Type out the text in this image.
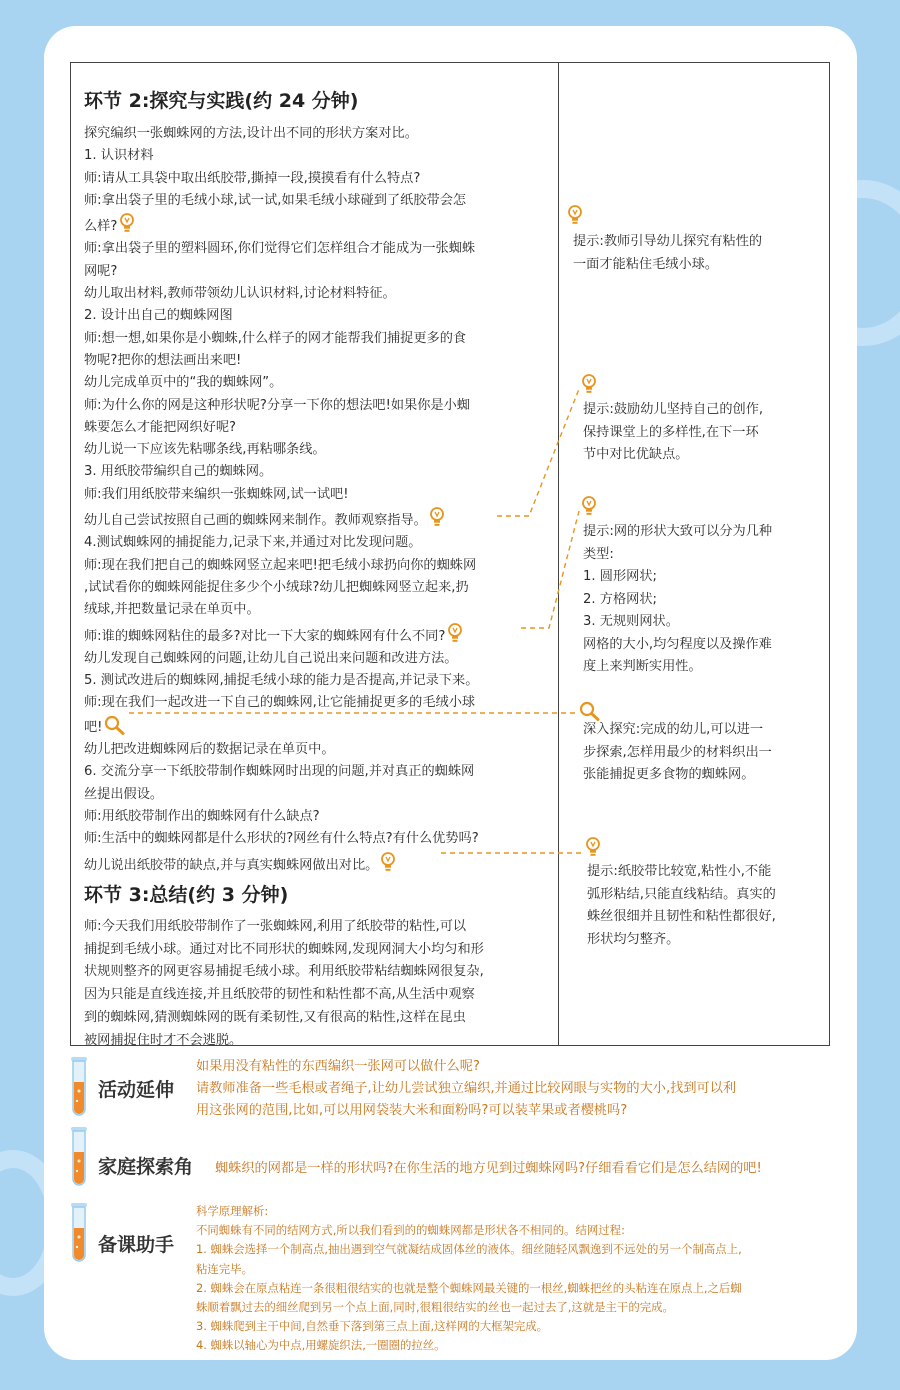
环节 2:探究与实践(约 24 分钟)
探究编织一张蜘蛛网的方法,设计出不同的形状方案对比。
1. 认识材料
师:请从工具袋中取出纸胶带,撕掉一段,摸摸看有什么特点?
师:拿出袋子里的毛绒小球,试一试,如果毛绒小球碰到了纸胶带会怎
么样?
师:拿出袋子里的塑料圆环,你们觉得它们怎样组合才能成为一张蜘蛛
网呢?
幼儿取出材料,教师带领幼儿认识材料,讨论材料特征。
2. 设计出自己的蜘蛛网图
师:想一想,如果你是小蜘蛛,什么样子的网才能帮我们捕捉更多的食
物呢?把你的想法画出来吧!
幼儿完成单页中的“我的蜘蛛网”。
师:为什么你的网是这种形状呢?分享一下你的想法吧!如果你是小蜘
蛛要怎么才能把网织好呢?
幼儿说一下应该先粘哪条线,再粘哪条线。
3. 用纸胶带编织自己的蜘蛛网。
师:我们用纸胶带来编织一张蜘蛛网,试一试吧!
幼儿自己尝试按照自己画的蜘蛛网来制作。教师观察指导。
4.测试蜘蛛网的捕捉能力,记录下来,并通过对比发现问题。
师:现在我们把自己的蜘蛛网竖立起来吧!把毛绒小球扔向你的蜘蛛网
,试试看你的蜘蛛网能捉住多少个小绒球?幼儿把蜘蛛网竖立起来,扔
绒球,并把数量记录在单页中。
师:谁的蜘蛛网粘住的最多?对比一下大家的蜘蛛网有什么不同?
幼儿发现自己蜘蛛网的问题,让幼儿自己说出来问题和改进方法。
5. 测试改进后的蜘蛛网,捕捉毛绒小球的能力是否提高,并记录下来。
师:现在我们一起改进一下自己的蜘蛛网,让它能捕捉更多的毛绒小球
吧!
幼儿把改进蜘蛛网后的数据记录在单页中。
6. 交流分享一下纸胶带制作蜘蛛网时出现的问题,并对真正的蜘蛛网
丝提出假设。
师:用纸胶带制作出的蜘蛛网有什么缺点?
师:生活中的蜘蛛网都是什么形状的?网丝有什么特点?有什么优势吗?
幼儿说出纸胶带的缺点,并与真实蜘蛛网做出对比。
环节 3:总结(约 3 分钟)
师:今天我们用纸胶带制作了一张蜘蛛网,利用了纸胶带的粘性,可以
捕捉到毛绒小球。通过对比不同形状的蜘蛛网,发现网洞大小均匀和形
状规则整齐的网更容易捕捉毛绒小球。利用纸胶带粘结蜘蛛网很复杂,
因为只能是直线连接,并且纸胶带的韧性和粘性都不高,从生活中观察
到的蜘蛛网,猜测蜘蛛网的既有柔韧性,又有很高的粘性,这样在昆虫
被网捕捉住时才不会逃脱。
提示:教师引导幼儿探究有粘性的
一面才能粘住毛绒小球。
提示:鼓励幼儿坚持自己的创作,
保持课堂上的多样性,在下一环
节中对比优缺点。
提示:网的形状大致可以分为几种
类型:
1. 圆形网状;
2. 方格网状;
3. 无规则网状。
网格的大小,均匀程度以及操作难
度上来判断实用性。
深入探究:完成的幼儿,可以进一
步探索,怎样用最少的材料织出一
张能捕捉更多食物的蜘蛛网。
提示:纸胶带比较宽,粘性小,不能
弧形粘结,只能直线粘结。真实的
蛛丝很细并且韧性和粘性都很好,
形状均匀整齐。
活动延伸
如果用没有粘性的东西编织一张网可以做什么呢?
请教师准备一些毛根或者绳子,让幼儿尝试独立编织,并通过比较网眼与实物的大小,找到可以利
用这张网的范围,比如,可以用网袋装大米和面粉吗?可以装苹果或者樱桃吗?
家庭探索角 蜘蛛织的网都是一样的形状吗?在你生活的地方见到过蜘蛛网吗?仔细看看它们是怎么结网的吧!
备课助手
科学原理解析:
不同蜘蛛有不同的结网方式,所以我们看到的的蜘蛛网都是形状各不相同的。结网过程:
1. 蜘蛛会选择一个制高点,抽出遇到空气就凝结成固体丝的液体。细丝随轻风飘逸到不远处的另一个制高点上,
粘连完毕。
2. 蜘蛛会在原点粘连一条很粗很结实的也就是整个蜘蛛网最关键的一根丝,蜘蛛把丝的头粘连在原点上,之后蜘
蛛顺着飘过去的细丝爬到另一个点上面,同时,很粗很结实的丝也一起过去了,这就是主干的完成。
3. 蜘蛛爬到主干中间,自然垂下落到第三点上面,这样网的大框架完成。
4. 蜘蛛以轴心为中点,用螺旋织法,一圈圈的拉丝。
